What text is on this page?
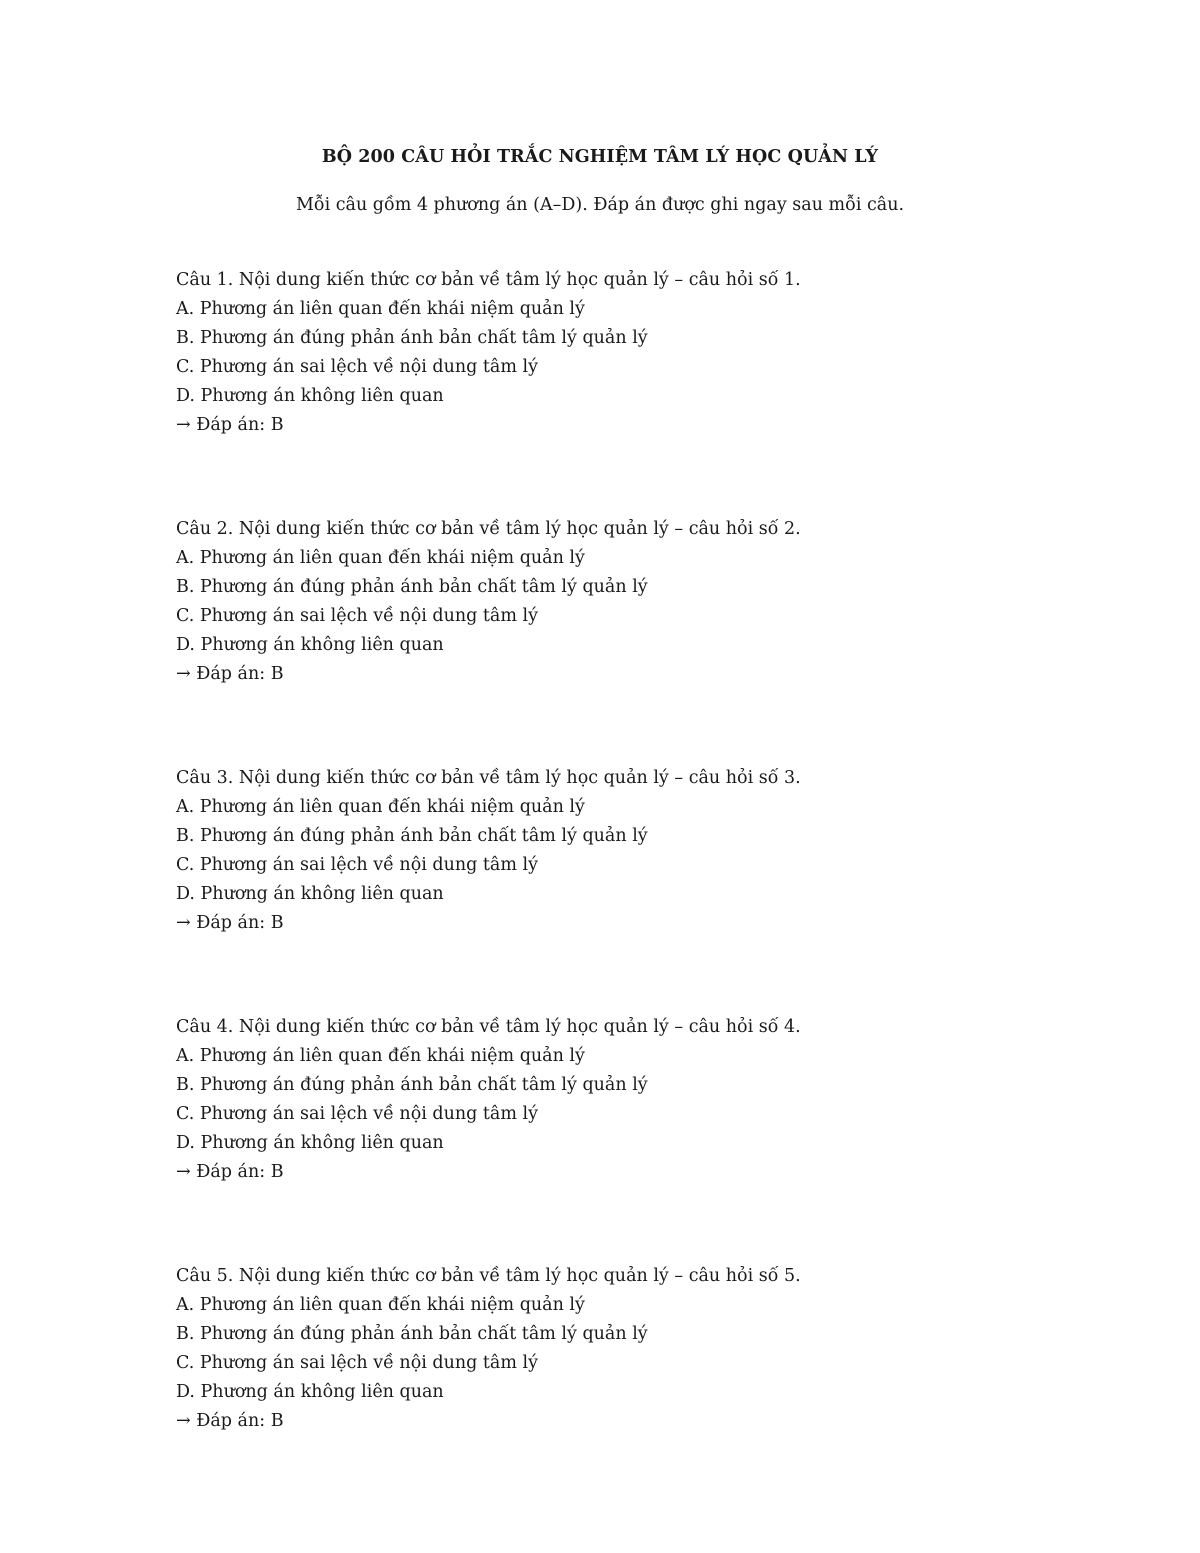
BỘ 200 CÂU HỎI TRẮC NGHIỆM TÂM LÝ HỌC QUẢN LÝ
Mỗi câu gồm 4 phương án (A–D). Đáp án được ghi ngay sau mỗi câu.
Câu 1. Nội dung kiến thức cơ bản về tâm lý học quản lý – câu hỏi số 1.
A. Phương án liên quan đến khái niệm quản lý
B. Phương án đúng phản ánh bản chất tâm lý quản lý
C. Phương án sai lệch về nội dung tâm lý
D. Phương án không liên quan
→ Đáp án: B
Câu 2. Nội dung kiến thức cơ bản về tâm lý học quản lý – câu hỏi số 2.
A. Phương án liên quan đến khái niệm quản lý
B. Phương án đúng phản ánh bản chất tâm lý quản lý
C. Phương án sai lệch về nội dung tâm lý
D. Phương án không liên quan
→ Đáp án: B
Câu 3. Nội dung kiến thức cơ bản về tâm lý học quản lý – câu hỏi số 3.
A. Phương án liên quan đến khái niệm quản lý
B. Phương án đúng phản ánh bản chất tâm lý quản lý
C. Phương án sai lệch về nội dung tâm lý
D. Phương án không liên quan
→ Đáp án: B
Câu 4. Nội dung kiến thức cơ bản về tâm lý học quản lý – câu hỏi số 4.
A. Phương án liên quan đến khái niệm quản lý
B. Phương án đúng phản ánh bản chất tâm lý quản lý
C. Phương án sai lệch về nội dung tâm lý
D. Phương án không liên quan
→ Đáp án: B
Câu 5. Nội dung kiến thức cơ bản về tâm lý học quản lý – câu hỏi số 5.
A. Phương án liên quan đến khái niệm quản lý
B. Phương án đúng phản ánh bản chất tâm lý quản lý
C. Phương án sai lệch về nội dung tâm lý
D. Phương án không liên quan
→ Đáp án: B
